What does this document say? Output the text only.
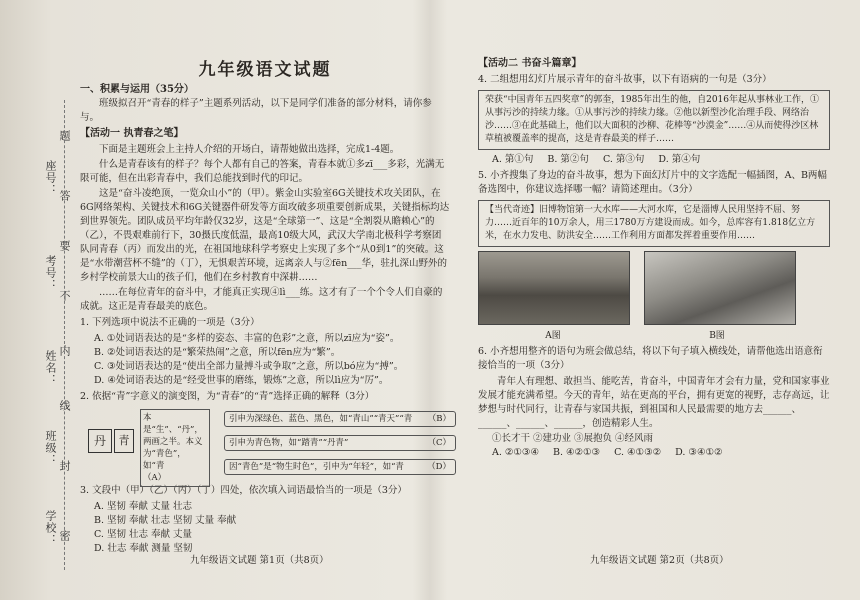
座号：
考号：
姓名：
班级：
学校：
题
答
要
不
内
线
封
密
九年级语文试题
一、积累与运用（35分）

班级拟召开“青春的样子”主题系列活动，以下是同学们准备的部分材料，请你参与。

【活动一 执青春之笔】

下面是主题班会上主持人介绍的开场白，请帮她做出选择，完成1-4题。

什么是青春该有的样子？每个人都有自己的答案，青春本就①多zī___多彩，光满无限可能，但在出彩青春中，我们总能找到时代的印记。

这是“奋斗凌绝顶，一览众山小”的（甲）。紫金山实验室6G关键技术攻关团队，在6G网络架构、关键技术和6G关键器件研发等方面攻破多项重要创新成果，关键指标均达到世界领先。团队成员平均年龄仅32岁，这是“全球第一”、这是“全割裂从瞻赖心”的（乙），不畏艰难前行下，30摄氏度低温，最高10级大风，武汉大学南北极科学考察团队同青春（丙）而发出的光，在祖国地球科学考察史上实现了多个“从0到1”的突破。这是“水带潮营杯不缝”的（丁），无惧艰苦环境，远离亲人与②fēn___华，驻扎深山野外的乡村学校前景大山的孩子们，他们在乡村教育中深耕……

……在每位青年的奋斗中，才能真正实现④lì___练。这才有了一个个令人们自豪的成就。这正是青春最美的底色。

1. 下列选项中说法不正确的一项是（3分）
A. ①处词语表达的是“多样的姿态、丰富的色彩”之意，所以zī应为“姿”。
B. ②处词语表达的是“繁荣热闹”之意，所以fēn应为“繁”。
C. ③处词语表达的是“使出全部力量搏斗或争取”之意，所以bó应为“搏”。
D. ④处词语表达的是“经受世事的磨练，锻炼”之意，所以lì应为“厉”。
2. 依据“青”字意义的演变图，为“青春”的“青”选择正确的解释（3分）
丹	青
本是“生”、“丹”，两画之半。本义为“青色”，如“青
（A）
引申为深绿色、蓝色、黑色，如“青山”“青天”“青 （B）
引申为青色物，如“踏青”“丹青”	（C）
因“青色”是“物生时色”，引申为“年轻”，如“青	（D）
3. 文段中（甲）（乙）（丙）（丁）四处，依次填入词语最恰当的一项是（3分）
A. 坚韧 奉献 丈量 壮志
B. 坚韧 奉献 壮志 坚韧 丈量 奉献
C. 坚韧 壮志 奉献 丈量
D. 壮志 奉献 测量 坚韧
九年级语文试题 第1页（共8页）
【活动二 书奋斗篇章】
4. 二组想用幻灯片展示青年的奋斗故事，以下有语病的一句是（3分）
荣获“中国青年五四奖章”的郭奎，1985年出生的他，自2016年起从事林业工作，①从事污沙的持续力缘。①从事污沙的持续力缘。②他以新型沙化治理手段、网络治沙……③在此基础上，他们以大面积的沙柳、花棒等“沙漠金”……④从而使得沙区林草植被覆盖率的提高，这是青春最美的样子……
A. 第①句 B. 第②句 C. 第③句 D. 第④句
5. 小齐搜集了身边的奋斗故事，想为下面幻灯片中的文字选配一幅插图，A、B两幅备选图中，你建议选择哪一幅？请简述理由。（3分）
【当代奇迹】旧博物馆第一大水库——大河水库，它是淄博人民用坚持不屈、努力……近百年的10万余人，用三1780万方建设而成。如今，总库容有1.818亿立方米，在水力发电、防洪安全……工作利用方面都发挥着重要作用……
A图	B图
6. 小齐想用整齐的语句为班会做总结，将以下句子填入横线处，请帮他选出语意衔接恰当的一项（3分）

青年人有理想、敢担当、能吃苦，肯奋斗，中国青年才会有力量，党和国家事业发展才能充满希望。今天的青年，站在更高的平台，拥有更宽的视野，志存高远，让梦想与时代同行，让青春与家国共振，到祖国和人民最需要的地方去______、______、______、______，创造精彩人生。

①长才干 ②建功业 ③展抱负 ④经风雨
A. ②①③④ B. ④②①③ C. ④①③② D. ③④①②
九年级语文试题 第2页（共8页）
